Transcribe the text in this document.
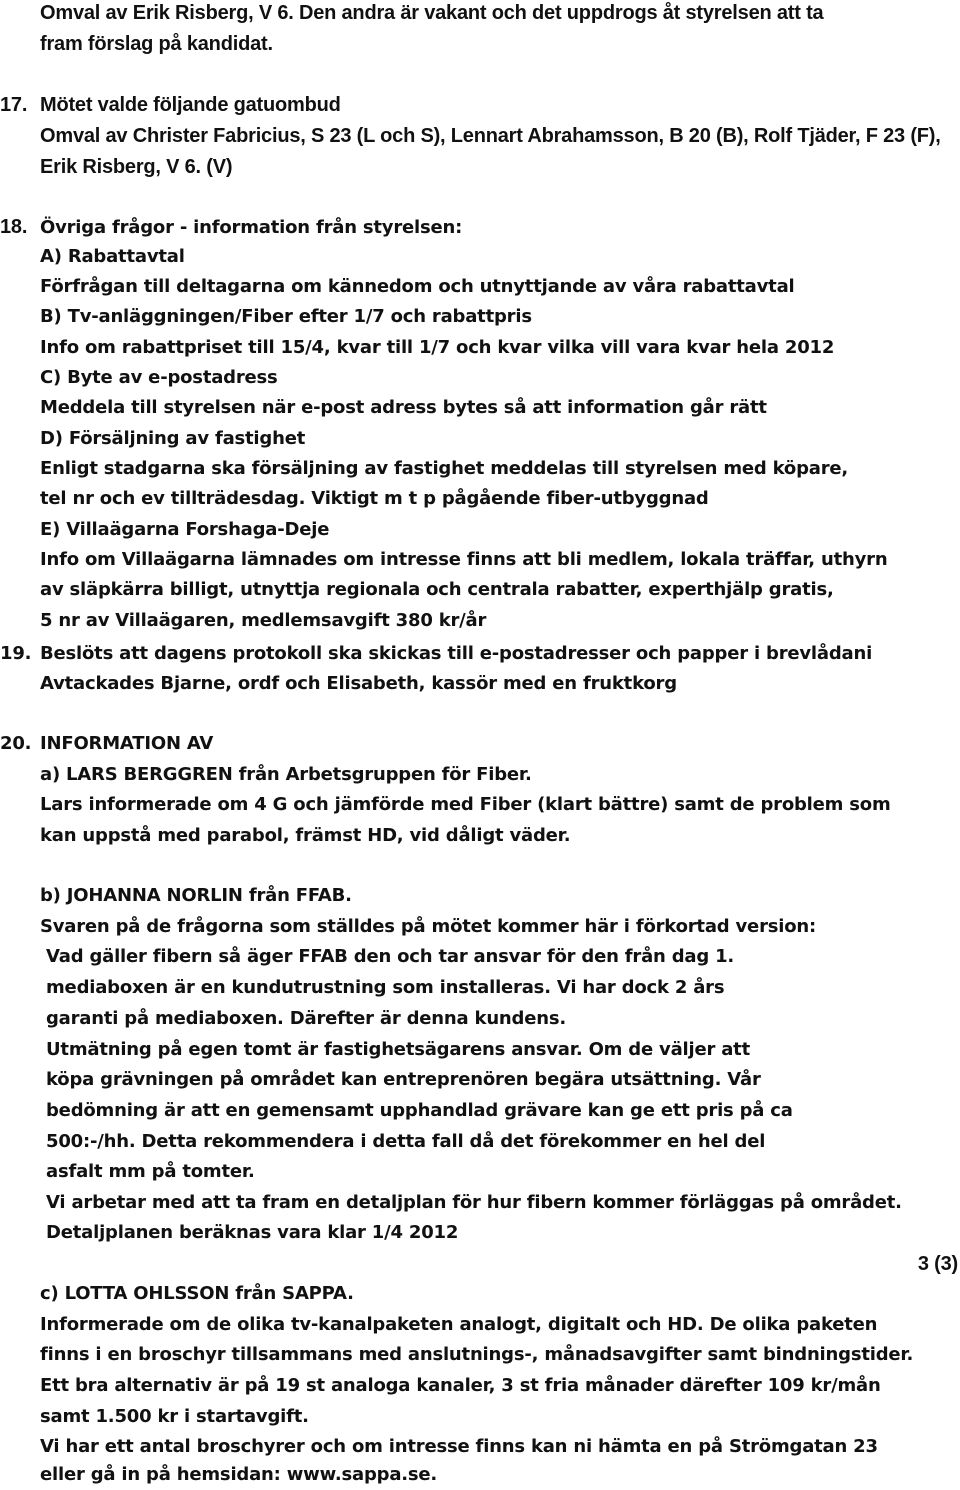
Omval av Erik Risberg, V 6. Den andra är vakant och det uppdrogs åt styrelsen att ta
fram förslag på kandidat.
17. Mötet valde följande gatuombud
Omval av Christer Fabricius, S 23 (L och S), Lennart Abrahamsson, B 20 (B), Rolf Tjäder, F 23 (F),
Erik Risberg, V 6. (V)
18. Övriga frågor - information från styrelsen:
A) Rabattavtal
Förfrågan till deltagarna om kännedom och utnyttjande av våra rabattavtal
B) Tv-anläggningen/Fiber efter 1/7 och rabattpris
Info om rabattpriset till 15/4, kvar till 1/7 och kvar vilka vill vara kvar hela 2012
C) Byte av e-postadress
Meddela till styrelsen när e-post adress bytes så att information går rätt
D) Försäljning av fastighet
Enligt stadgarna ska försäljning av fastighet meddelas till styrelsen med köpare,
tel nr och ev tillträdesdag. Viktigt m t p pågående fiber-utbyggnad
E) Villaägarna Forshaga-Deje
Info om Villaägarna lämnades om intresse finns att bli medlem, lokala träffar, uthyrn
av släpkärra billigt, utnyttja regionala och centrala rabatter, experthjälp gratis,
5 nr av Villaägaren, medlemsavgift 380 kr/år
19. Beslöts att dagens protokoll ska skickas till e-postadresser och papper i brevlådani
Avtackades Bjarne, ordf och Elisabeth, kassör med en fruktkorg
20. INFORMATION AV
a) LARS BERGGREN från Arbetsgruppen för Fiber.
Lars informerade om 4 G och jämförde med Fiber (klart bättre) samt de problem som
kan uppstå med parabol, främst HD, vid dåligt väder.
b) JOHANNA NORLIN från FFAB.
Svaren på de frågorna som ställdes på mötet kommer här i förkortad version:
Vad gäller fibern så äger FFAB den och tar ansvar för den från dag 1.
mediaboxen är en kundutrustning som installeras. Vi har dock 2 års
garanti på mediaboxen. Därefter är denna kundens.
Utmätning på egen tomt är fastighetsägarens ansvar. Om de väljer att
köpa grävningen på området kan entreprenören begära utsättning. Vår
bedömning är att en gemensamt upphandlad grävare kan ge ett pris på ca
500:-/hh. Detta rekommendera i detta fall då det förekommer en hel del
asfalt mm på tomter.
Vi arbetar med att ta fram en detaljplan för hur fibern kommer förläggas på området.
Detaljplanen beräknas vara klar 1/4 2012
3 (3)
c) LOTTA OHLSSON från SAPPA.
Informerade om de olika tv-kanalpaketen analogt, digitalt och HD. De olika paketen
finns i en broschyr tillsammans med anslutnings-, månadsavgifter samt bindningstider.
Ett bra alternativ är på 19 st analoga kanaler, 3 st fria månader därefter 109 kr/mån
samt 1.500 kr i startavgift.
Vi har ett antal broschyrer och om intresse finns kan ni hämta en på Strömgatan 23
eller gå in på hemsidan: www.sappa.se.
